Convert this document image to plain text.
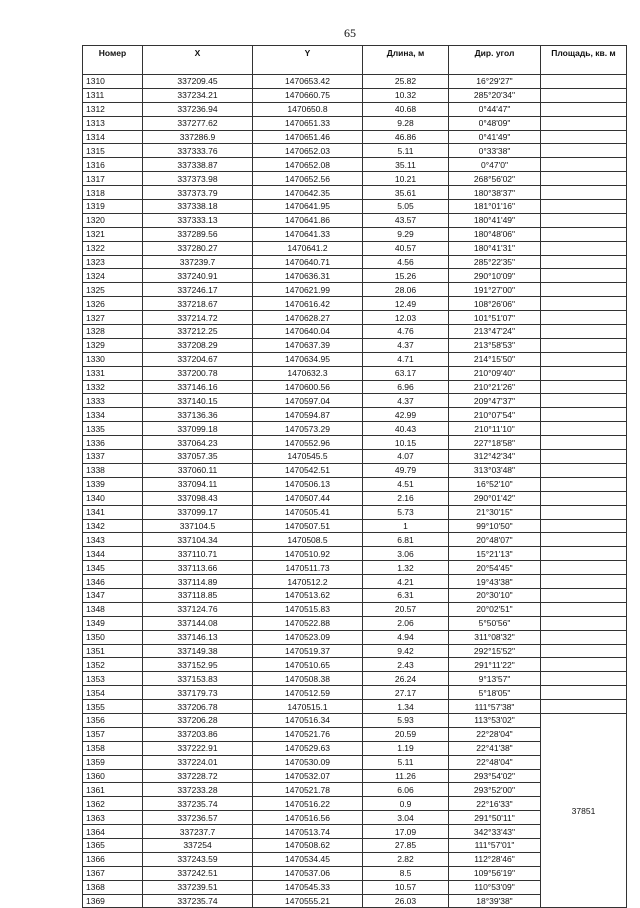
65
Номер	X	Y	Длина, м	Дир. угол	Площадь, кв. м
1310	337209.45	1470653.42	25.82	16°29'27"	
1311	337234.21	1470660.75	10.32	285°20'34"	
1312	337236.94	1470650.8	40.68	0°44'47"	
1313	337277.62	1470651.33	9.28	0°48'09"	
1314	337286.9	1470651.46	46.86	0°41'49"	
1315	337333.76	1470652.03	5.11	0°33'38"	
1316	337338.87	1470652.08	35.11	0°47'0"	
1317	337373.98	1470652.56	10.21	268°56'02"	
1318	337373.79	1470642.35	35.61	180°38'37"	
1319	337338.18	1470641.95	5.05	181°01'16"	
1320	337333.13	1470641.86	43.57	180°41'49"	
1321	337289.56	1470641.33	9.29	180°48'06"	
1322	337280.27	1470641.2	40.57	180°41'31"	
1323	337239.7	1470640.71	4.56	285°22'35"	
1324	337240.91	1470636.31	15.26	290°10'09"	
1325	337246.17	1470621.99	28.06	191°27'00"	
1326	337218.67	1470616.42	12.49	108°26'06"	
1327	337214.72	1470628.27	12.03	101°51'07"	
1328	337212.25	1470640.04	4.76	213°47'24"	
1329	337208.29	1470637.39	4.37	213°58'53"	
1330	337204.67	1470634.95	4.71	214°15'50"	
1331	337200.78	1470632.3	63.17	210°09'40"	
1332	337146.16	1470600.56	6.96	210°21'26"	
1333	337140.15	1470597.04	4.37	209°47'37"	
1334	337136.36	1470594.87	42.99	210°07'54"	
1335	337099.18	1470573.29	40.43	210°11'10"	
1336	337064.23	1470552.96	10.15	227°18'58"	
1337	337057.35	1470545.5	4.07	312°42'34"	
1338	337060.11	1470542.51	49.79	313°03'48"	
1339	337094.11	1470506.13	4.51	16°52'10"	
1340	337098.43	1470507.44	2.16	290°01'42"	
1341	337099.17	1470505.41	5.73	21°30'15"	
1342	337104.5	1470507.51	1	99°10'50"	
1343	337104.34	1470508.5	6.81	20°48'07"	
1344	337110.71	1470510.92	3.06	15°21'13"	
1345	337113.66	1470511.73	1.32	20°54'45"	
1346	337114.89	1470512.2	4.21	19°43'38"	
1347	337118.85	1470513.62	6.31	20°30'10"	
1348	337124.76	1470515.83	20.57	20°02'51"	
1349	337144.08	1470522.88	2.06	5°50'56"	
1350	337146.13	1470523.09	4.94	311°08'32"	
1351	337149.38	1470519.37	9.42	292°15'52"	
1352	337152.95	1470510.65	2.43	291°11'22"	
1353	337153.83	1470508.38	26.24	9°13'57"	
1354	337179.73	1470512.59	27.17	5°18'05"	
1355	337206.78	1470515.1	1.34	111°57'38"	
1356	337206.28	1470516.34	5.93	113°53'02"	37851
1357	337203.86	1470521.76	20.59	22°28'04"	
1358	337222.91	1470529.63	1.19	22°41'38"	
1359	337224.01	1470530.09	5.11	22°48'04"	
1360	337228.72	1470532.07	11.26	293°54'02"	
1361	337233.28	1470521.78	6.06	293°52'00"	
1362	337235.74	1470516.22	0.9	22°16'33"	
1363	337236.57	1470516.56	3.04	291°50'11"	
1364	337237.7	1470513.74	17.09	342°33'43"	
1365	337254	1470508.62	27.85	111°57'01"	
1366	337243.59	1470534.45	2.82	112°28'46"	
1367	337242.51	1470537.06	8.5	109°56'19"	
1368	337239.51	1470545.33	10.57	110°53'09"	
1369	337235.74	1470555.21	26.03	18°39'38"	
